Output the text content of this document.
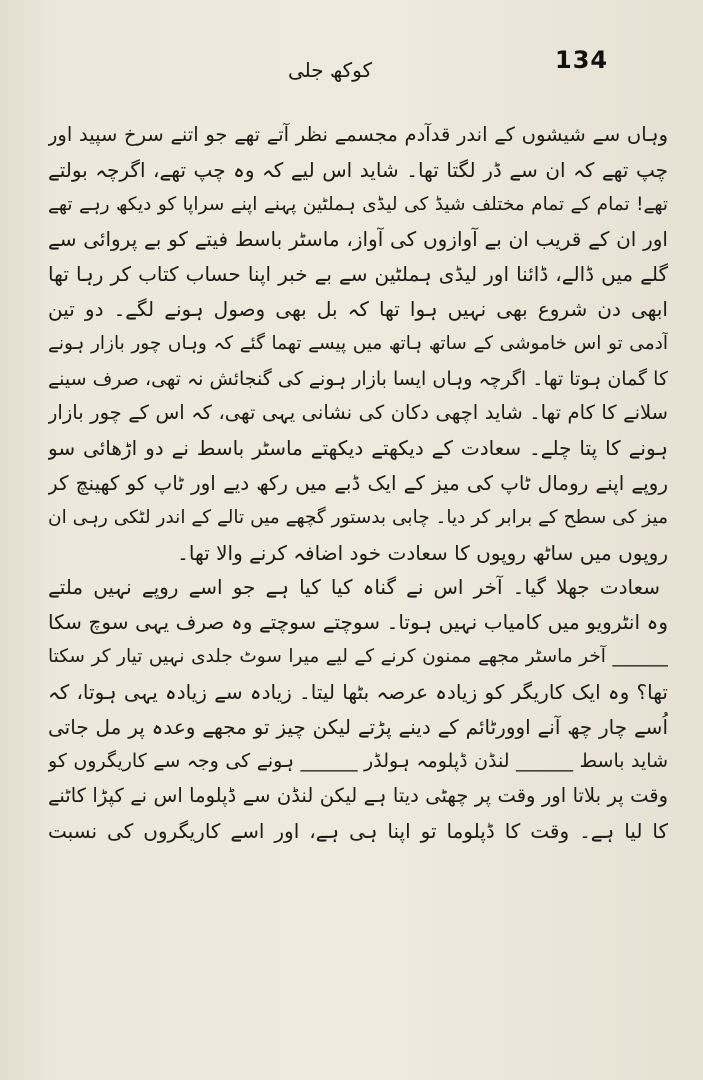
134
کوکھ جلی
وہاں سے شیشوں کے اندر قدآدم مجسمے نظر آتے تھے جو اتنے سرخ سپید اور
چپ تھے کہ ان سے ڈر لگتا تھا۔ شاید اس لیے کہ وہ چپ تھے، اگرچہ بولتے
تھے! تمام کے تمام مختلف شیڈ کی لیڈی ہملٹین پہنے اپنے سراپا کو دیکھ رہے تھے
اور ان کے قریب ان بے آوازوں کی آواز، ماسٹر باسط فیتے کو بے پروائی سے
گلے میں ڈالے، ڈائنا اور لیڈی ہملٹین سے بے خبر اپنا حساب کتاب کر رہا تھا
ابھی دن شروع بھی نہیں ہوا تھا کہ بل بھی وصول ہونے لگے۔ دو تین
آدمی تو اس خاموشی کے ساتھ ہاتھ میں پیسے تھما گئے کہ وہاں چور بازار ہونے
کا گمان ہوتا تھا۔ اگرچہ وہاں ایسا بازار ہونے کی گنجائش نہ تھی، صرف سینے
سلانے کا کام تھا۔ شاید اچھی دکان کی نشانی یہی تھی، کہ اس کے چور بازار
ہونے کا پتا چلے۔ سعادت کے دیکھتے دیکھتے ماسٹر باسط نے دو اڑھائی سو
روپے اپنے رومال ٹاپ کی میز کے ایک ڈبے میں رکھ دیے اور ٹاپ کو کھینچ کر
میز کی سطح کے برابر کر دیا۔ چابی بدستور گچھے میں تالے کے اندر لٹکی رہی ان
روپوں میں ساٹھ روپوں کا سعادت خود اضافہ کرنے والا تھا۔
سعادت جھلا گیا۔ آخر اس نے گناہ کیا کیا ہے جو اسے روپے نہیں ملتے
وہ انٹرویو میں کامیاب نہیں ہوتا۔ سوچتے سوچتے وہ صرف یہی سوچ سکا
______ آخر ماسٹر مجھے ممنون کرنے کے لیے میرا سوٹ جلدی نہیں تیار کر سکتا
تھا؟ وہ ایک کاریگر کو زیادہ عرصہ بٹھا لیتا۔ زیادہ سے زیادہ یہی ہوتا، کہ
اُسے چار چھ آنے اوورٹائم کے دینے پڑتے لیکن چیز تو مجھے وعدہ پر مل جاتی
شاید باسط ______ لنڈن ڈپلومہ ہولڈر ______ ہونے کی وجہ سے کاریگروں کو
وقت پر بلاتا اور وقت پر چھٹی دیتا ہے لیکن لنڈن سے ڈپلوما اس نے کپڑا کاٹنے
کا لیا ہے۔ وقت کا ڈپلوما تو اپنا ہی ہے، اور اسے کاریگروں کی نسبت
